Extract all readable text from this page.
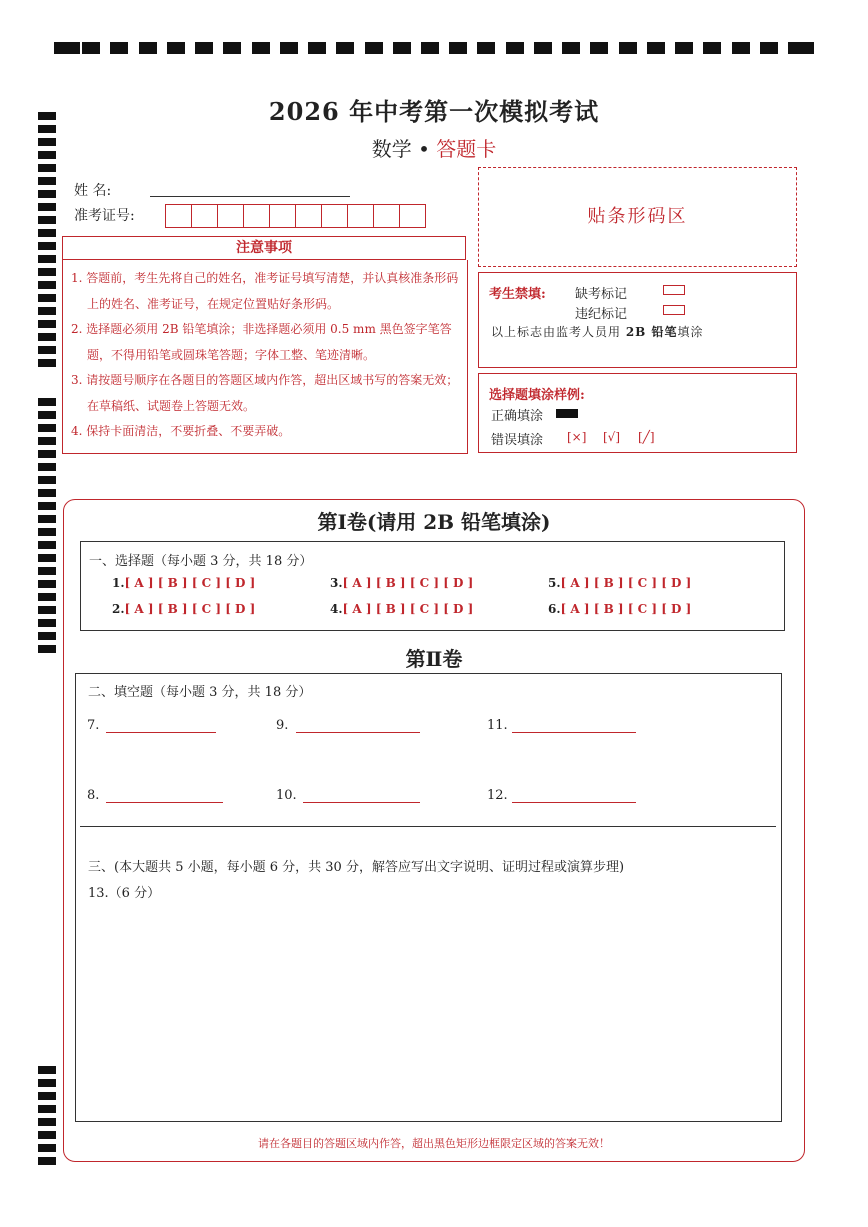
2026 年中考第一次模拟考试
数学 • 答题卡
姓 名:
准考证号:	贴条形码区
注意事项

1. 答题前，考生先将自己的姓名，准考证号填写清楚，并认真核准条形码上的姓名、准考证号，在规定位置贴好条形码。

2. 选择题必须用 2B 铅笔填涂；非选择题必须用 0.5 mm 黑色签字笔答题，不得用铅笔或圆珠笔答题；字体工整、笔迹清晰。

3. 请按题号顺序在各题目的答题区域内作答，超出区域书写的答案无效；在草稿纸、试题卷上答题无效。

4. 保持卡面清洁，不要折叠、不要弄破。

考生禁填: 缺考标记
违纪标记
以上标志由监考人员用 2B 铅笔填涂
选择题填涂样例:
正确填涂
错误填涂 [×] [√] [╱]
第Ⅰ卷(请用 2B 铅笔填涂)
一、选择题（每小题 3 分，共 18 分）
1.[ A ] [ B ] [ C ] [ D ]
2.[ A ] [ B ] [ C ] [ D ]
3.[ A ] [ B ] [ C ] [ D ]
4.[ A ] [ B ] [ C ] [ D ]
5.[ A ] [ B ] [ C ] [ D ]
6.[ A ] [ B ] [ C ] [ D ]
第Ⅱ卷
二、填空题（每小题 3 分，共 18 分）
7.	9.	11.
8.	10.	12.
三、(本大题共 5 小题，每小题 6 分，共 30 分，解答应写出文字说明、证明过程或演算步理)
13.（6 分）
请在各题目的答题区域内作答，超出黑色矩形边框限定区域的答案无效！
